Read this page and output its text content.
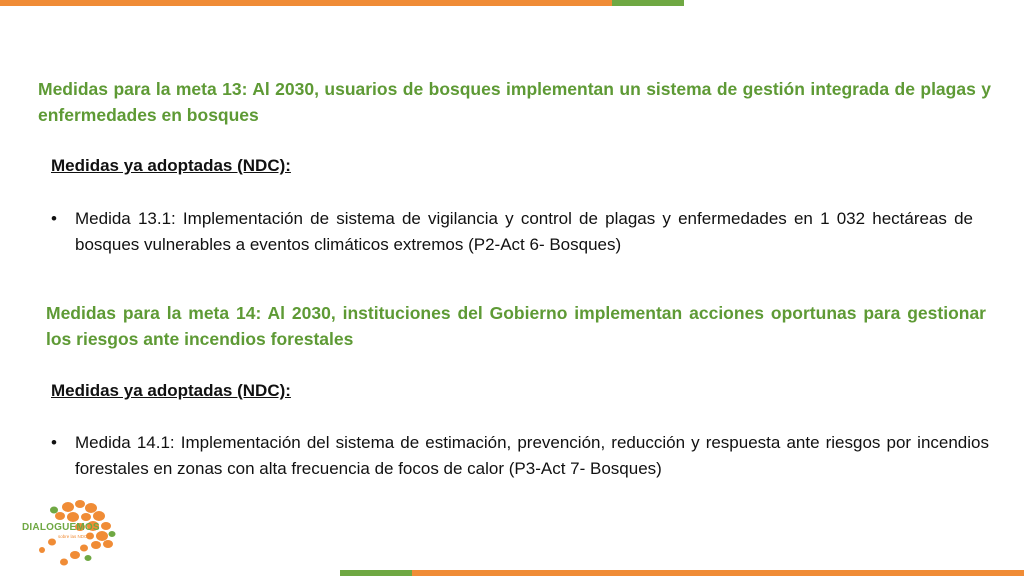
Medidas para la meta 13: Al 2030, usuarios de bosques implementan un sistema de gestión integrada de plagas y enfermedades en bosques

Medidas ya adoptadas (NDC):

•	Medida 13.1: Implementación de sistema de vigilancia y control de plagas y enfermedades en 1 032 hectáreas de bosques vulnerables a eventos climáticos extremos (P2-Act 6- Bosques)

Medidas para la meta 14: Al 2030, instituciones del Gobierno implementan acciones oportunas para gestionar los riesgos ante incendios forestales

Medidas ya adoptadas (NDC):

•	Medida 14.1: Implementación del sistema de estimación, prevención, reducción y respuesta ante riesgos por incendios forestales en zonas con alta frecuencia de focos de calor (P3-Act 7- Bosques)
DIALOGUEMOS
sobre las NDC
